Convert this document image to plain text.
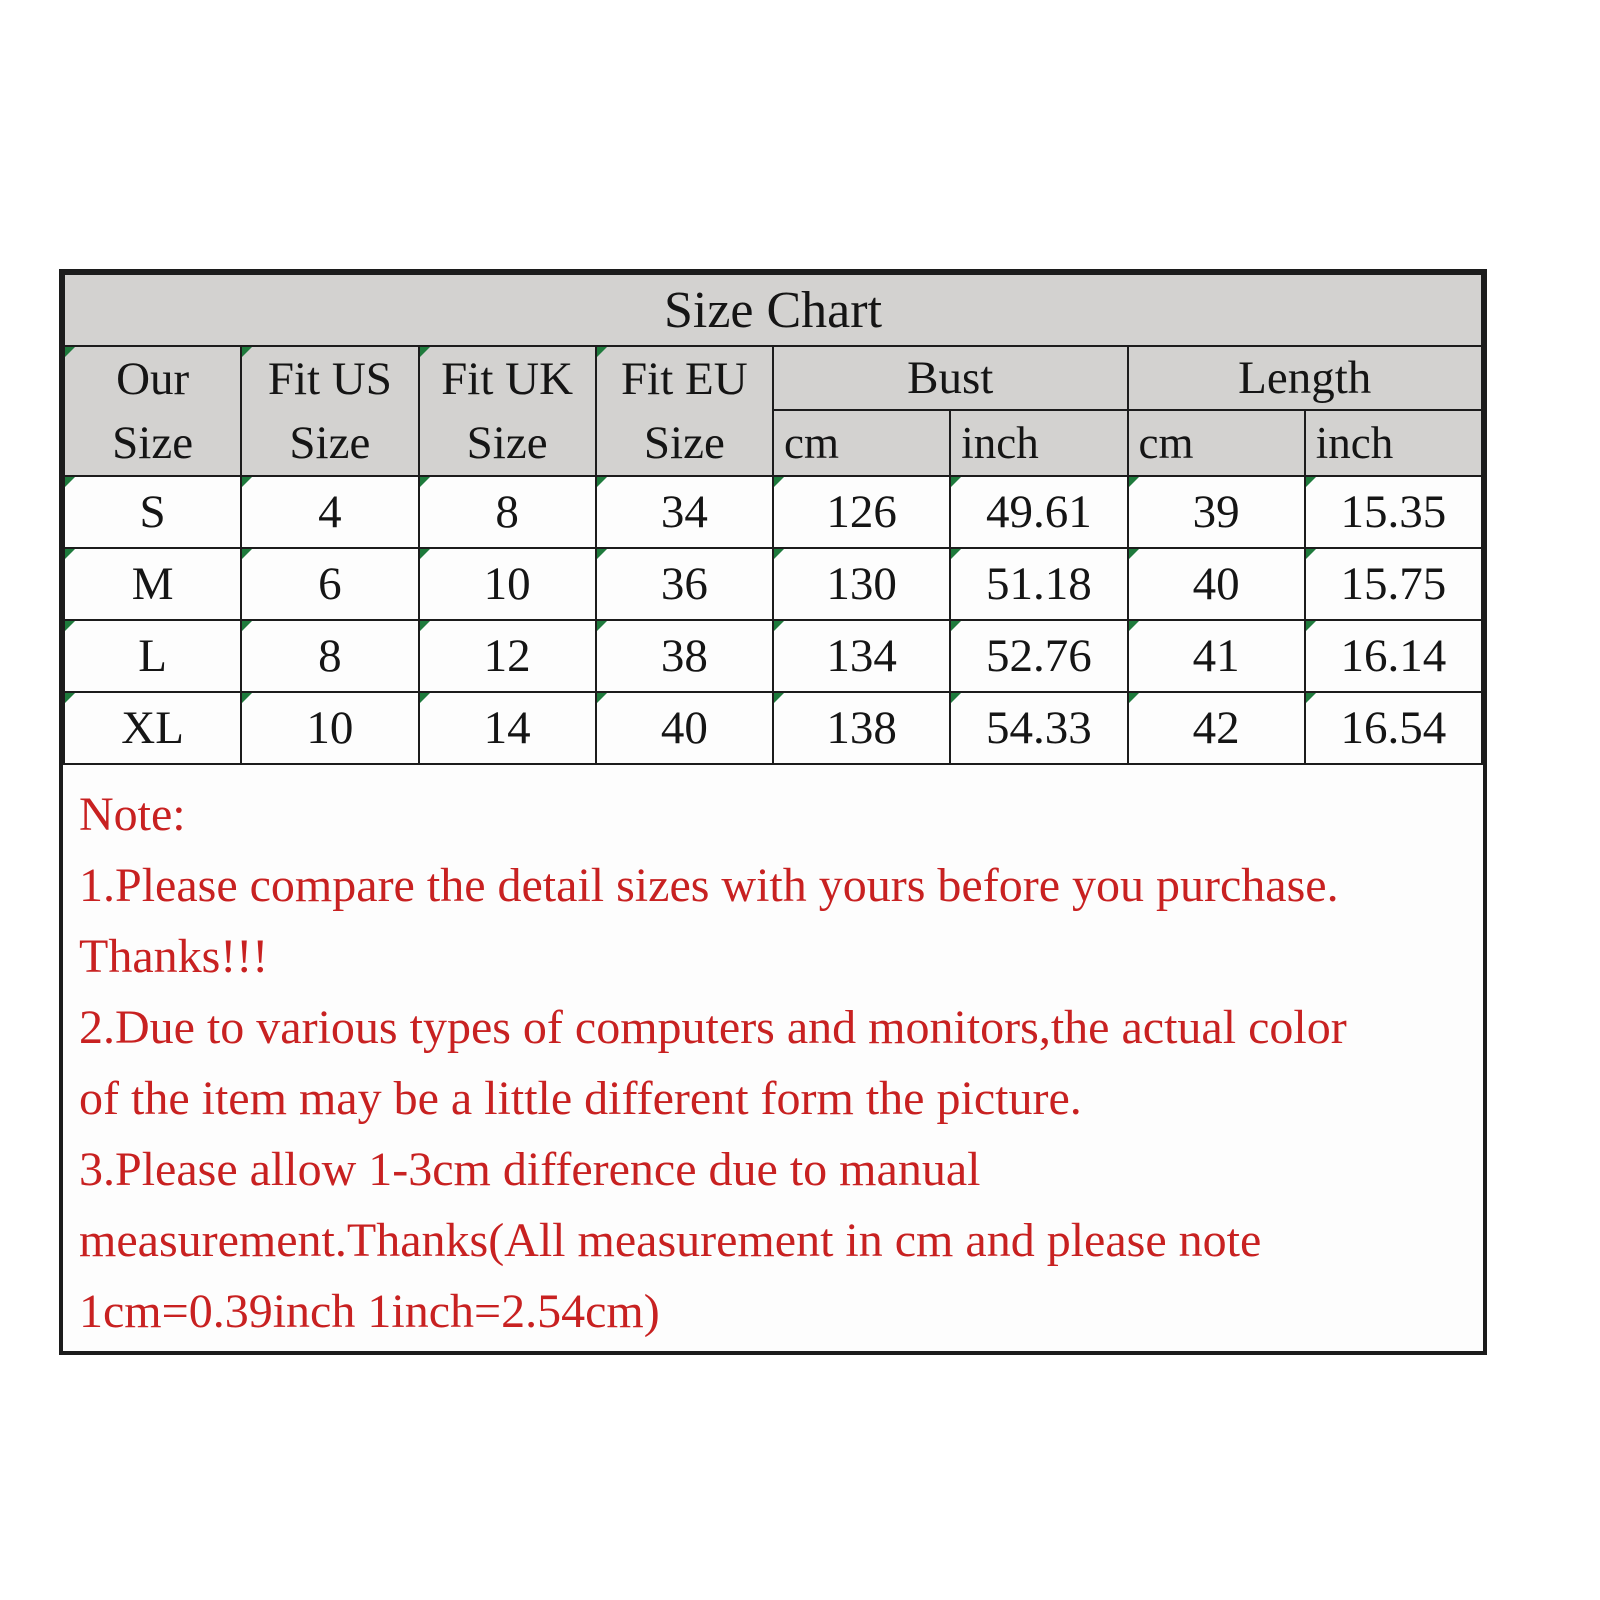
Size Chart							
Our Size	Fit US Size	Fit UK Size	Fit EU Size	Bust		Length	
				cm	inch	cm	inch
S	4	8	34	126	49.61	39	15.35

M	6	10	36	130	51.18	40	15.75

L	8	12	38	134	52.76	41	16.14

XL	10	14	40	138	54.33	42	16.54
Note:
1.Please compare the detail sizes with yours before you purchase.
Thanks!!!
2.Due to various types of computers and monitors,the actual color
of the item may be a little different form the picture.
3.Please allow 1-3cm difference due to manual
measurement.Thanks(All measurement in cm and please note
1cm=0.39inch 1inch=2.54cm)
